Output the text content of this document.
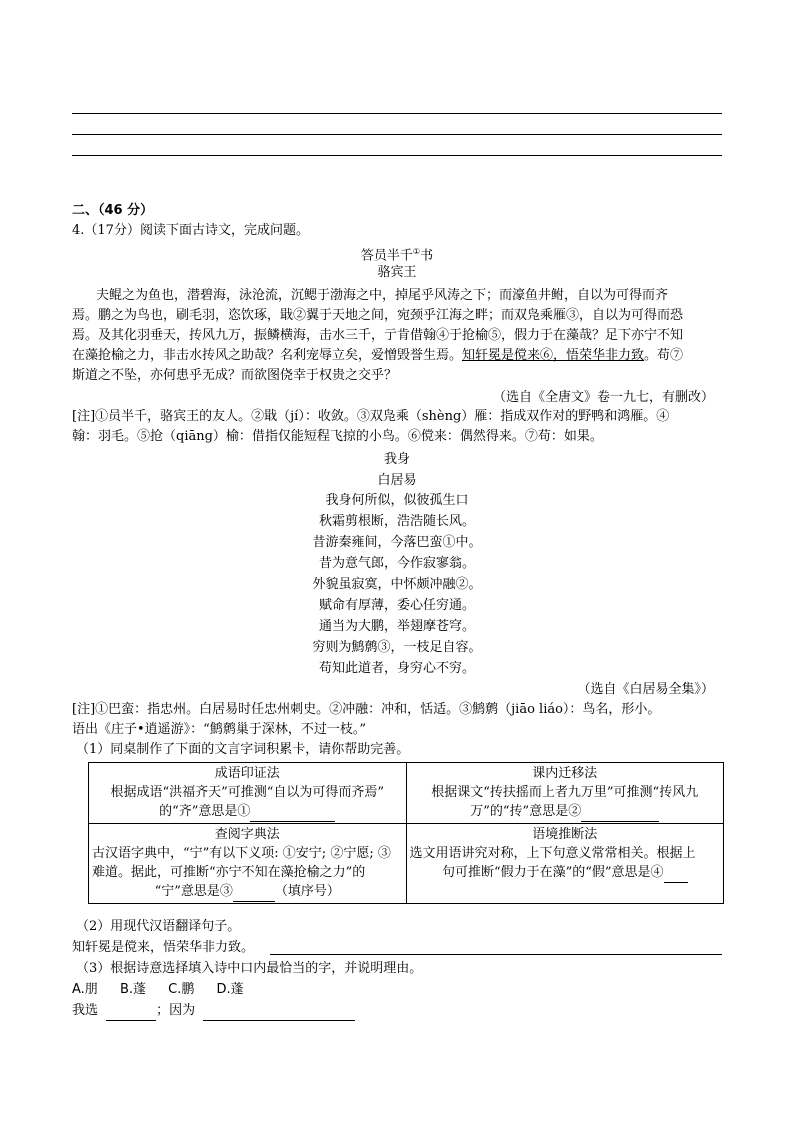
二、（46 分）
4.（17分）阅读下面古诗文，完成问题。
答员半千①书
骆宾王
夫鲲之为鱼也，潜碧海，泳沧流，沉鳃于渤海之中，掉尾乎风涛之下；而濠鱼井鲋，自以为可得而齐
焉。鹏之为鸟也，刷毛羽，恣饮琢，戢②翼于天地之间，宛颈乎江海之畔；而双凫乘雁③，自以为可得而恐
焉。及其化羽垂天，抟风九万，振鳞横海，击水三千，亍肯借翰④于抢榆⑤，假力于在藻哉？足下亦宁不知
在藻抢榆之力，非击水抟风之助哉？名利宠辱立矣，爱憎毁誉生焉。知轩冕是傥来⑥，悟荣华非力致。苟⑦
斯道之不坠，亦何患乎无成？而欲图侥幸于权贵之交乎？
（选自《全唐文》卷一九七，有删改）
[注]①员半千，骆宾王的友人。②戢（jí）：收敛。③双凫乘（shèng）雁：指成双作对的野鸭和鸿雁。④
翰：羽毛。⑤抢（qiāng）榆：借指仅能短程飞掠的小鸟。⑥傥来：偶然得来。⑦苟：如果。
我身
白居易
我身何所似，似彼孤生口
秋霜剪根断，浩浩随长风。
昔游秦雍间，今落巴蛮①中。
昔为意气郎，今作寂寥翁。
外貌虽寂寞，中怀颇冲融②。
赋命有厚薄，委心任穷通。
通当为大鹏，举翅摩苍穹。
穷则为鹪鹩③，一枝足自容。
苟知此道者，身穷心不穷。
（选自《白居易全集》）
[注]①巴蛮：指忠州。白居易时任忠州刺史。②冲融：冲和，恬适。③鹪鹩（jiāo liáo）：鸟名，形小。
语出《庄子•逍遥游》：“鹪鹩巢于深林，不过一枝。”
（1）同桌制作了下面的文言字词积累卡，请你帮助完善。
成语印证法
根据成语“洪福齐天”可推测“自以为可得而齐焉”
的“齐”意思是①	课内迁移法
根据课文“抟扶摇而上者九万里”可推测“抟风九
万”的“抟”意思是②

查阅字典法
古汉语字典中，“宁”有以下义项: ①安宁; ②宁愿; ③
难道。据此，可推断“亦宁不知在藻抢榆之力”的
“宁”意思是③ （填序号）	语境推断法
选文用语讲究对称，上下句意义常常相关。根据上
句可推断“假力于在藻”的“假”意思是④
（2）用现代汉语翻译句子。
知轩冕是傥来，悟荣华非力致。
（3）根据诗意选择填入诗中口内最恰当的字，并说明理由。
A.朋 B.蓬 C.鹏 D.蓬
我选	；因为
